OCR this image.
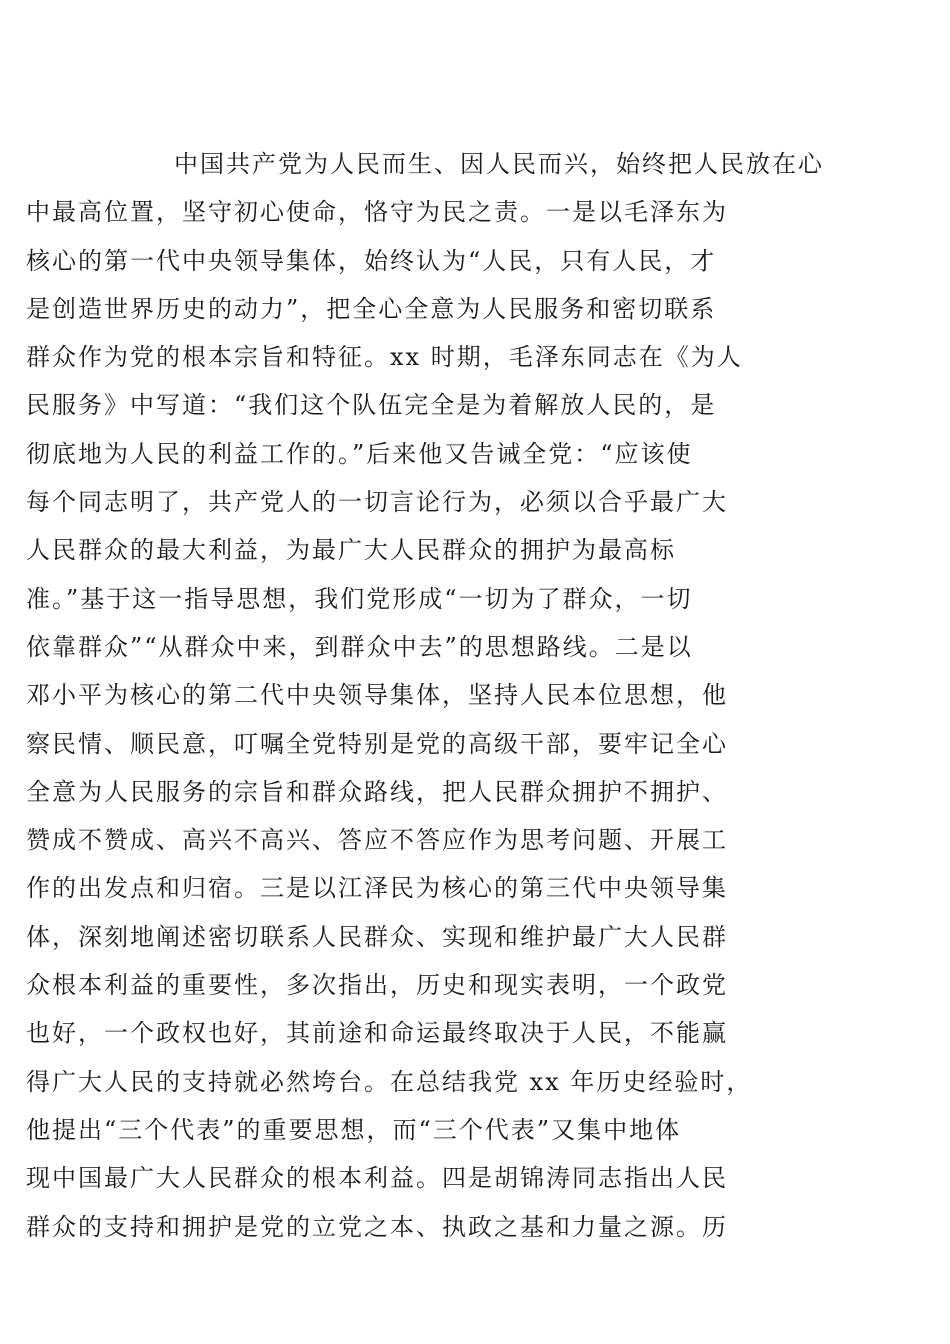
中国共产党为人民而生、因人民而兴，始终把人民放在心
中最高位置，坚守初心使命，恪守为民之责。一是以毛泽东为
核心的第一代中央领导集体，始终认为“人民，只有人民，才
是创造世界历史的动力”，把全心全意为人民服务和密切联系
群众作为党的根本宗旨和特征。xx 时期，毛泽东同志在《为人
民服务》中写道：“我们这个队伍完全是为着解放人民的，是
彻底地为人民的利益工作的。”后来他又告诫全党：“应该使
每个同志明了，共产党人的一切言论行为，必须以合乎最广大
人民群众的最大利益，为最广大人民群众的拥护为最高标
准。”基于这一指导思想，我们党形成“一切为了群众，一切
依靠群众”“从群众中来，到群众中去”的思想路线。二是以
邓小平为核心的第二代中央领导集体，坚持人民本位思想，他
察民情、顺民意，叮嘱全党特别是党的高级干部，要牢记全心
全意为人民服务的宗旨和群众路线，把人民群众拥护不拥护、
赞成不赞成、高兴不高兴、答应不答应作为思考问题、开展工
作的出发点和归宿。三是以江泽民为核心的第三代中央领导集
体，深刻地阐述密切联系人民群众、实现和维护最广大人民群
众根本利益的重要性，多次指出，历史和现实表明，一个政党
也好，一个政权也好，其前途和命运最终取决于人民，不能赢
得广大人民的支持就必然垮台。在总结我党 xx 年历史经验时，
他提出“三个代表”的重要思想，而“三个代表”又集中地体
现中国最广大人民群众的根本利益。四是胡锦涛同志指出人民
群众的支持和拥护是党的立党之本、执政之基和力量之源。历
